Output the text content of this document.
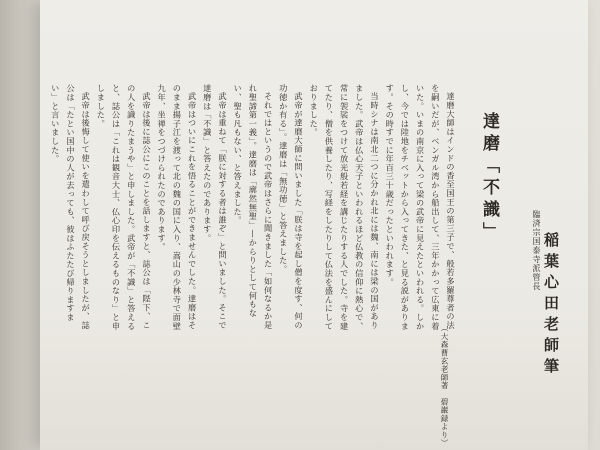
達磨「不識」
臨済宗国泰寺派管長 稲葉心田老師筆

達磨大師はインドの香至国王の第三子で、般若多羅尊者の法を嗣いだが、ベンガル湾から船出して、三年かかって広東に着いた。いまの南京に入って梁の武帝に見えたといわれる。しかし、今では陸地をチベットから入ってきた、と見る説があります。その時すでに年百三十歳だったといわれます。

当時シナは南北二つに分かれ北には魏、南には梁の国がありました。武帝は仏心天子といわれるほど仏教の信仰に熱心で、常に袈裟をつけて放光般若経を講じたりする人でした。寺を建てたり、僧を供養したり、写経をしたりして仏法を盛んにしておりました。

武帝が達磨大師に問いました「朕は寺を起し僧を度す、何の功徳か有る」。達磨は「無功徳」と答えました。

それではというので武帝はさらに聞きました「如何なるか是れ聖諦第一義」。達磨は「廓然無聖」—からりとして何もない、聖も凡もない、と答えました。

武帝は重ねて「朕に対する者は誰ぞ」と問いました。そこで達磨は「不識」と答えたのであります。

武帝はついにこれを悟ることができませんでした。達磨はそのまま揚子江を渡って北の魏の国に入り、嵩山の少林寺で面壁九年、坐禅をつづけられたのであります。

武帝は後に誌公にこのことを話しますと、誌公は「陛下、この人を識りたまうや」と申しました。武帝が「不識」と答えると、誌公は「これは観音大士、仏心印を伝えるものなり」と申しました。

武帝は後悔して使いを遣わして呼び戻そうとしましたが、誌公は「たとい国中の人が去っても、彼はふたたび帰りますまい」と言いました。

（大森曹玄老師著　碧巌録より）
